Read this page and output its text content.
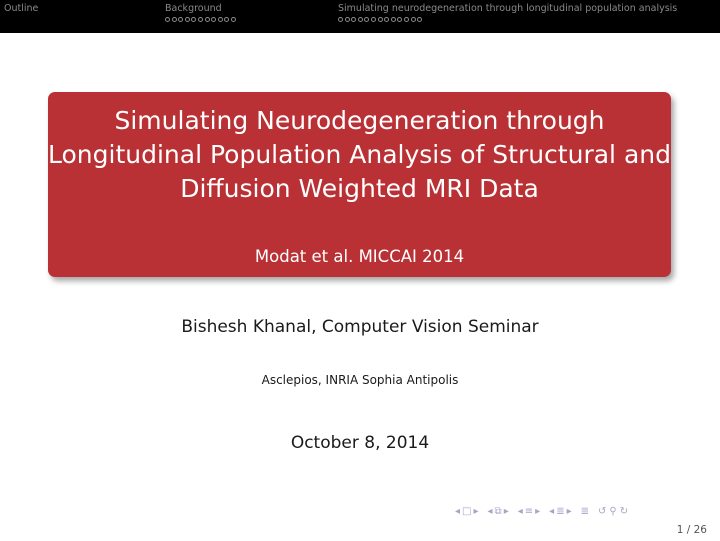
Outline	Background	Simulating neurodegeneration through longitudinal population analysis
Simulating Neurodegeneration through
Longitudinal Population Analysis of Structural and
Diffusion Weighted MRI Data
Modat et al. MICCAI 2014
Bishesh Khanal, Computer Vision Seminar
Asclepios, INRIA Sophia Antipolis
October 8, 2014
◂ □ ▸ ◂ ⧉ ▸ ◂ ≡ ▸ ◂ ≣ ▸ ≣ ↺ ⚲ ↻
1 / 26
